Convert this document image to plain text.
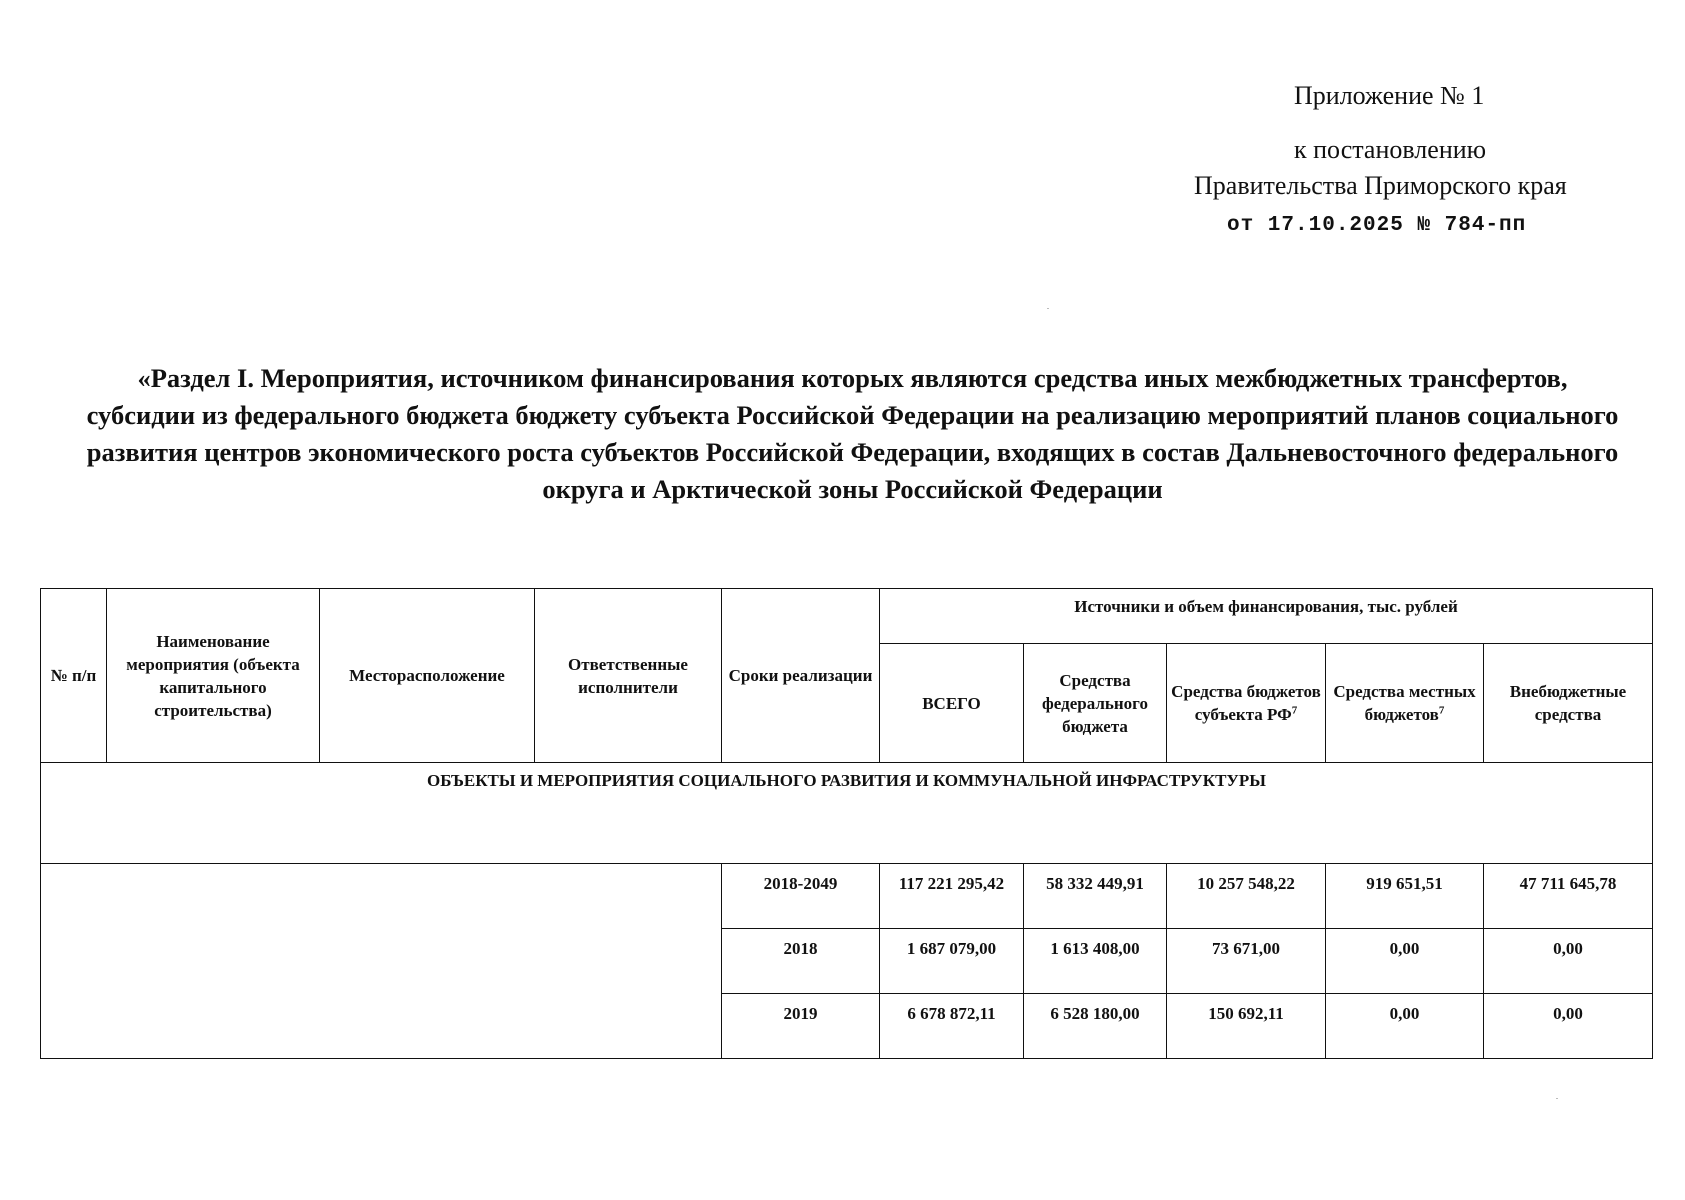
Приложение № 1
к постановлению
Правительства Приморского края
от 17.10.2025 № 784-пп
«Раздел I. Мероприятия, источником финансирования которых являются средства иных межбюджетных трансфертов, субсидии из федерального бюджета бюджету субъекта Российской Федерации на реализацию мероприятий планов социального развития центров экономического роста субъектов Российской Федерации, входящих в состав Дальневосточного федерального округа и Арктической зоны Российской Федерации
№ п/п	Наименование мероприятия (объекта капитального строительства)	Месторасположение	Ответственные исполнители	Сроки реализации	Источники и объем финансирования, тыс. рублей				
					ВСЕГО	Средства федерального бюджета	Средства бюджетов субъекта $РФ^7$	Средства местных бюджетов$^7$	Внебюджетные средства
ОБЪЕКТЫ И МЕРОПРИЯТИЯ СОЦИАЛЬНОГО РАЗВИТИЯ И КОММУНАЛЬНОЙ ИНФРАСТРУКТУРЫ									
				2018-2049	117 221 295,42	58 332 449,91	10 257 548,22	919 651,51	47 711 645,78
				2018	1 687 079,00	1 613 408,00	73 671,00	0,00	0,00
				2019	6 678 872,11	6 528 180,00	150 692,11	0,00	0,00
